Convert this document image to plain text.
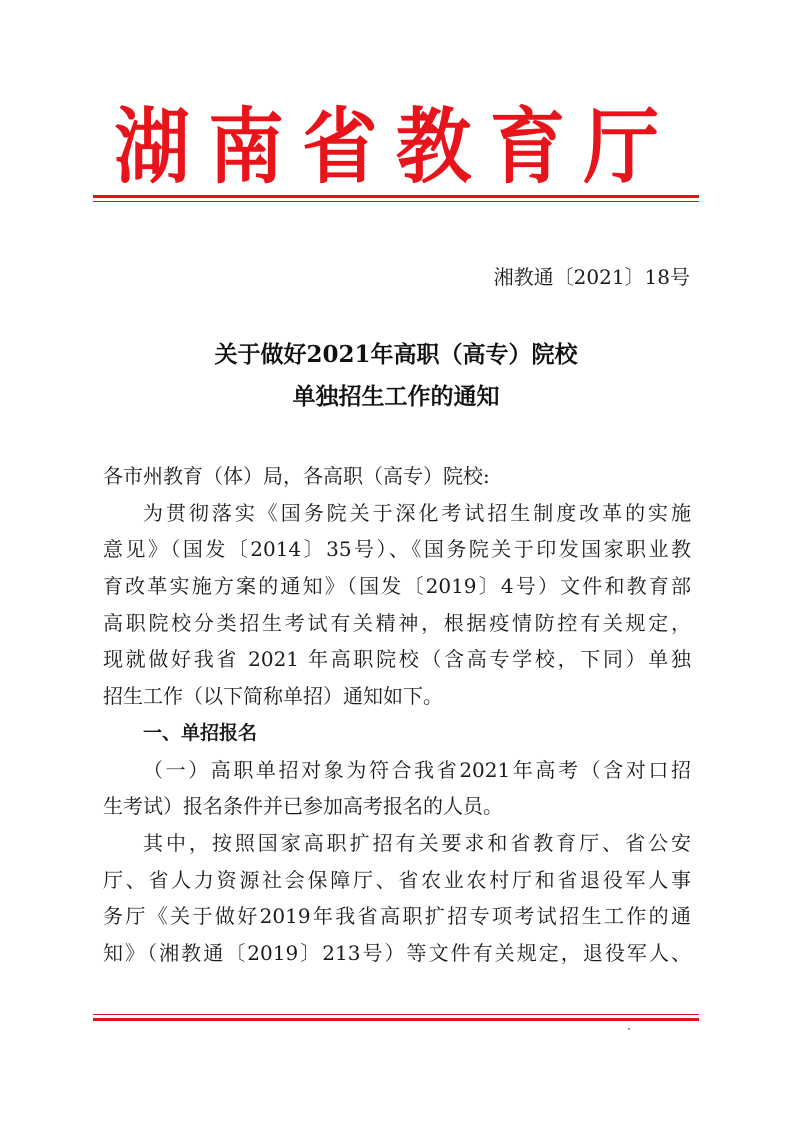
湖南省教育厅
湘教通〔2021〕18号
关于做好2021年高职（高专）院校
单独招生工作的通知
各市州教育（体）局，各高职（高专）院校:
为贯彻落实《国务院关于深化考试招生制度改革的实施
意见》（国发〔2014〕35号）、《国务院关于印发国家职业教
育改革实施方案的通知》（国发〔2019〕4号）文件和教育部
高职院校分类招生考试有关精神，根据疫情防控有关规定，
现就做好我省 2021 年高职院校（含高专学校，下同）单独
招生工作（以下简称单招）通知如下。
一、单招报名
（一）高职单招对象为符合我省2021年高考（含对口招
生考试）报名条件并已参加高考报名的人员。
其中，按照国家高职扩招有关要求和省教育厅、省公安
厅、省人力资源社会保障厅、省农业农村厅和省退役军人事
务厅《关于做好2019年我省高职扩招专项考试招生工作的通
知》（湘教通〔2019〕213号）等文件有关规定，退役军人、
